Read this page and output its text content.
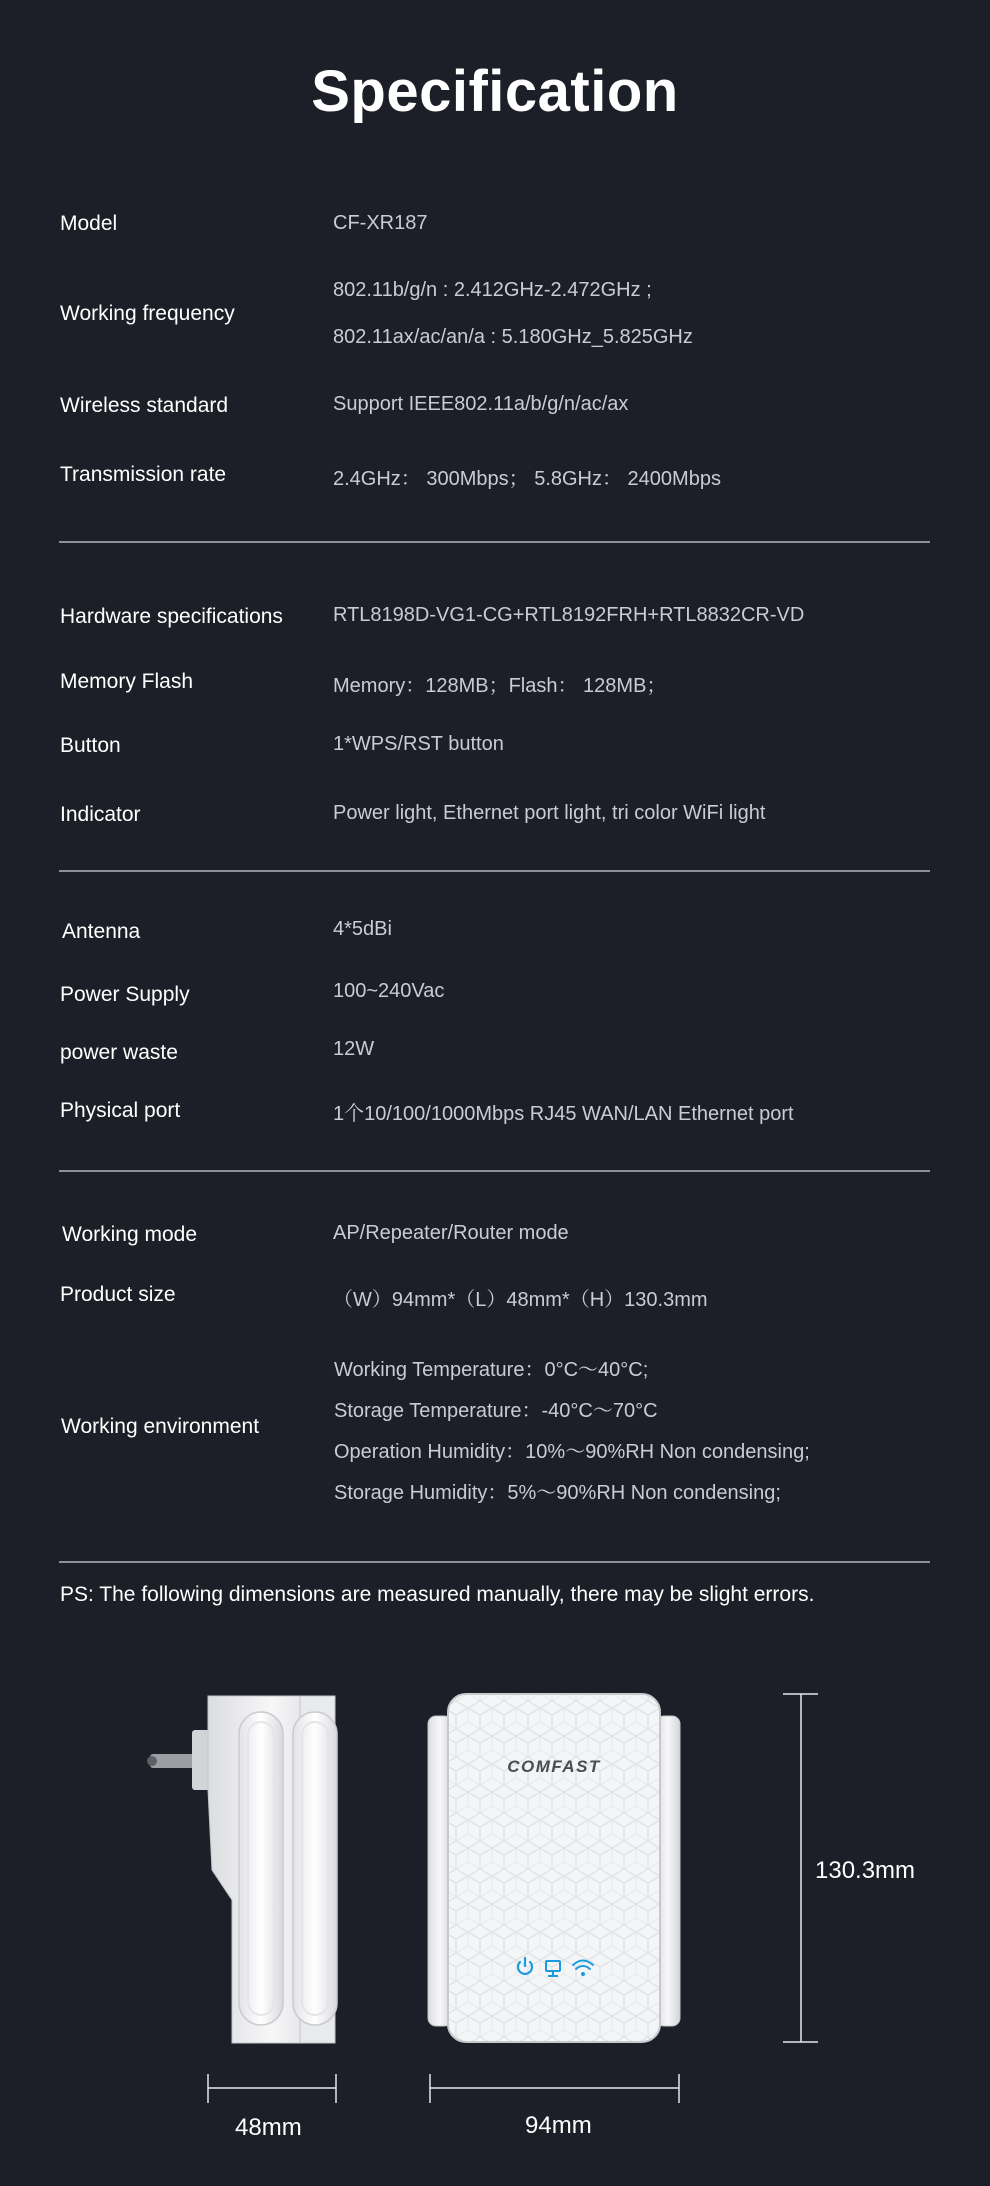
Specification
Model	CF-XR187
Working frequency
802.11b/g/n : 2.412GHz-2.472GHz ;
802.11ax/ac/an/a : 5.180GHz_5.825GHz
Wireless standard	Support IEEE802.11a/b/g/n/ac/ax
Transmission rate	2.4GHz： 300Mbps； 5.8GHz： 2400Mbps
Hardware specifications	RTL8198D-VG1-CG+RTL8192FRH+RTL8832CR-VD
Memory Flash	Memory：128MB；Flash： 128MB；
Button	1*WPS/RST button
Indicator	Power light, Ethernet port light, tri color WiFi light
Antenna	4*5dBi
Power Supply	100~240Vac
power waste	12W
Physical port	1个10/100/1000Mbps RJ45 WAN/LAN Ethernet port
Working mode	AP/Repeater/Router mode
Product size	（W）94mm*（L）48mm*（H）130.3mm
Working environment
Working Temperature：0°C～40°C;
Storage Temperature：-40°C～70°C
Operation Humidity：10%～90%RH Non condensing;
Storage Humidity：5%～90%RH Non condensing;
PS: The following dimensions are measured manually, there may be slight errors.
COMFAST
130.3mm
48mm	94mm
